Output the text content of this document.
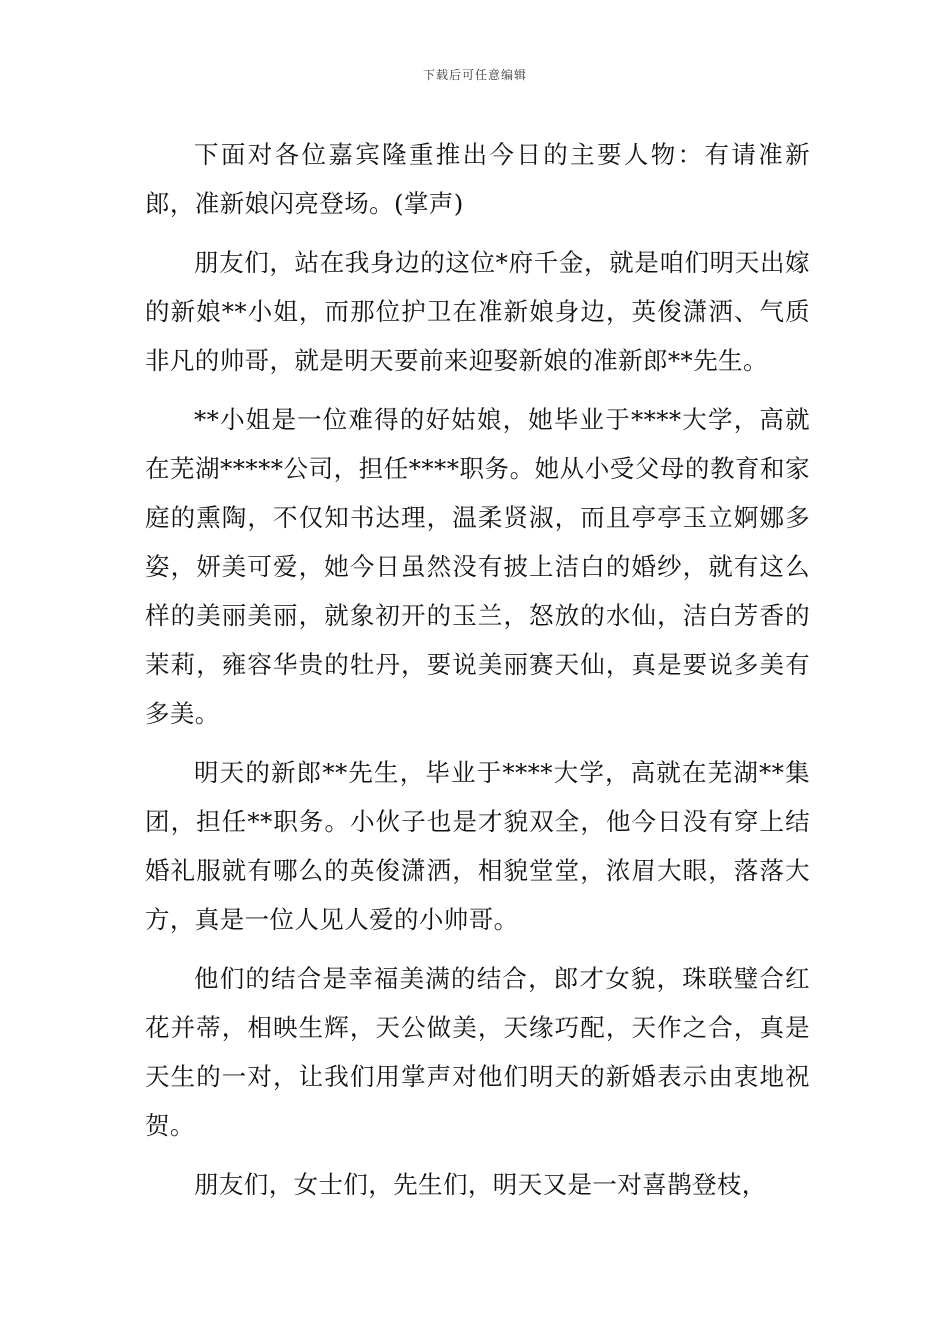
下载后可任意编辑

下面对各位嘉宾隆重推出今日的主要人物：有请准新郎，准新娘闪亮登场。(掌声)

朋友们，站在我身边的这位*府千金，就是咱们明天出嫁的新娘**小姐，而那位护卫在准新娘身边，英俊潇洒、气质非凡的帅哥，就是明天要前来迎娶新娘的准新郎**先生。

**小姐是一位难得的好姑娘，她毕业于****大学，高就在芜湖*****公司，担任****职务。她从小受父母的教育和家庭的熏陶，不仅知书达理，温柔贤淑，而且亭亭玉立婀娜多姿，妍美可爱，她今日虽然没有披上洁白的婚纱，就有这么样的美丽美丽，就象初开的玉兰，怒放的水仙，洁白芳香的茉莉，雍容华贵的牡丹，要说美丽赛天仙，真是要说多美有多美。

明天的新郎**先生，毕业于****大学，高就在芜湖**集团，担任**职务。小伙子也是才貌双全，他今日没有穿上结婚礼服就有哪么的英俊潇洒，相貌堂堂，浓眉大眼，落落大方，真是一位人见人爱的小帅哥。

他们的结合是幸福美满的结合，郎才女貌，珠联璧合红花并蒂，相映生辉，天公做美，天缘巧配，天作之合，真是天生的一对，让我们用掌声对他们明天的新婚表示由衷地祝贺。

朋友们，女士们，先生们，明天又是一对喜鹊登枝，
